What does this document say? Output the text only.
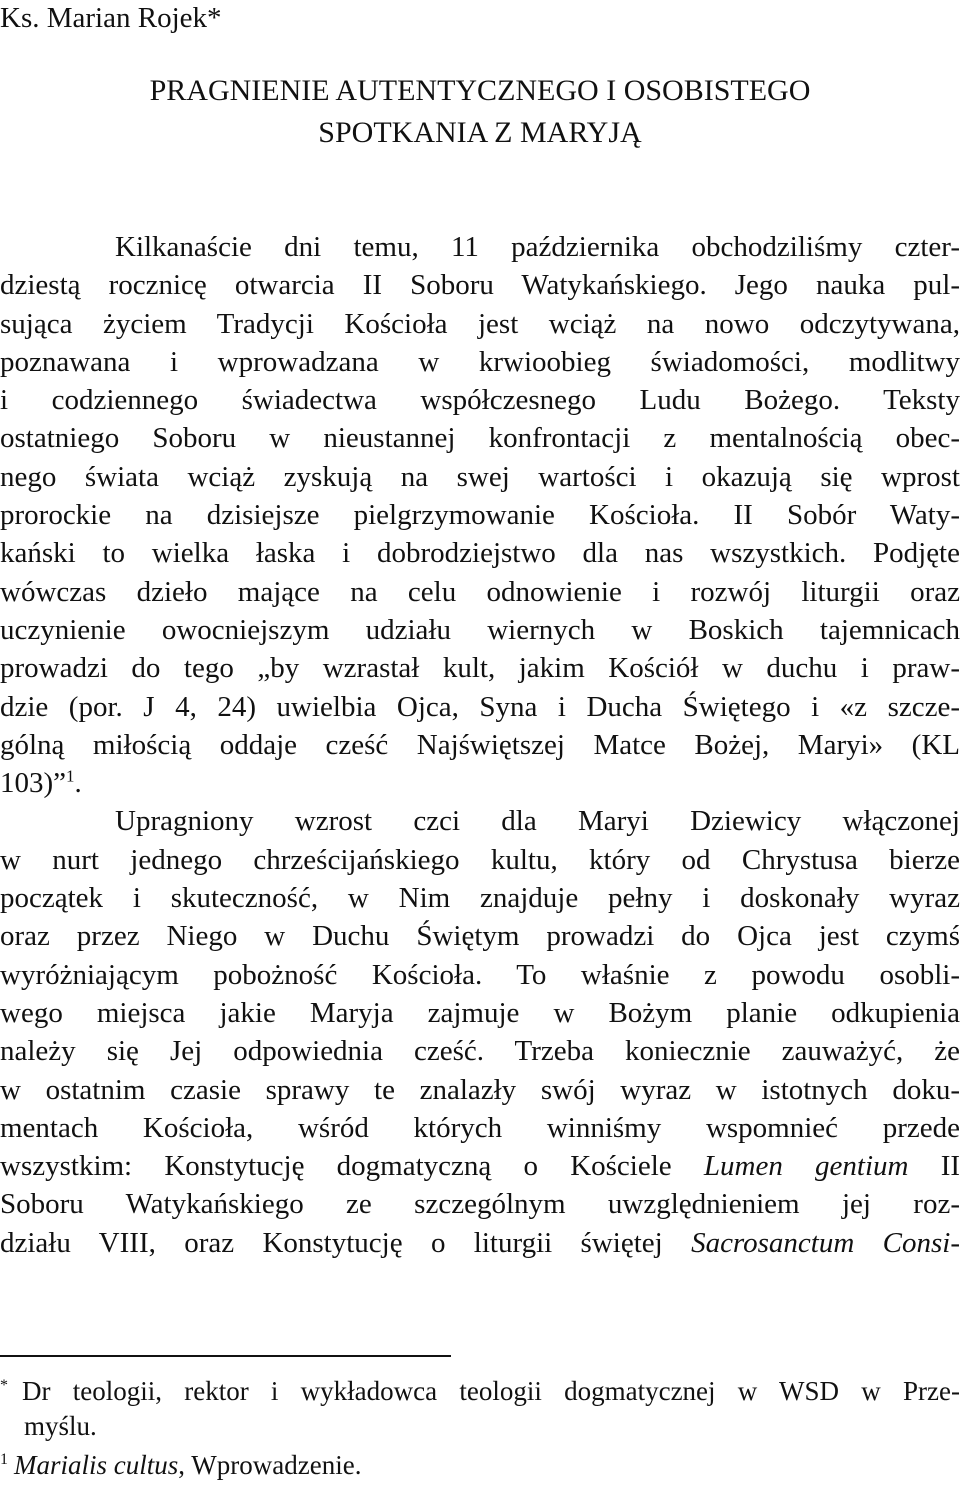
Ks. Marian Rojek*
PRAGNIENIE AUTENTYCZNEGO I OSOBISTEGO
SPOTKANIA Z MARYJĄ
Kilkanaście dni temu, 11 października obchodziliśmy czter-
dziestą rocznicę otwarcia II Soboru Watykańskiego. Jego nauka pul-
sująca życiem Tradycji Kościoła jest wciąż na nowo odczytywana,
poznawana i wprowadzana w krwioobieg świadomości, modlitwy
i codziennego świadectwa współczesnego Ludu Bożego. Teksty
ostatniego Soboru w nieustannej konfrontacji z mentalnością obec-
nego świata wciąż zyskują na swej wartości i okazują się wprost
prorockie na dzisiejsze pielgrzymowanie Kościoła. II Sobór Waty-
kański to wielka łaska i dobrodziejstwo dla nas wszystkich. Podjęte
wówczas dzieło mające na celu odnowienie i rozwój liturgii oraz
uczynienie owocniejszym udziału wiernych w Boskich tajemnicach
prowadzi do tego „by wzrastał kult, jakim Kościół w duchu i praw-
dzie (por. J 4, 24) uwielbia Ojca, Syna i Ducha Świętego i «z szcze-
gólną miłością oddaje cześć Najświętszej Matce Bożej, Maryi» (KL
103)”$^1$.
Upragniony wzrost czci dla Maryi Dziewicy włączonej
w nurt jednego chrześcijańskiego kultu, który od Chrystusa bierze
początek i skuteczność, w Nim znajduje pełny i doskonały wyraz
oraz przez Niego w Duchu Świętym prowadzi do Ojca jest czymś
wyróżniającym pobożność Kościoła. To właśnie z powodu osobli-
wego miejsca jakie Maryja zajmuje w Bożym planie odkupienia
należy się Jej odpowiednia cześć. Trzeba koniecznie zauważyć, że
w ostatnim czasie sprawy te znalazły swój wyraz w istotnych doku-
mentach Kościoła, wśród których winniśmy wspomnieć przede
wszystkim: Konstytucję dogmatyczną o Kościele Lumen gentium II
Soboru Watykańskiego ze szczególnym uwzględnieniem jej roz-
działu VIII, oraz Konstytucję o liturgii świętej Sacrosanctum Consi-
* Dr teologii, rektor i wykładowca teologii dogmatycznej w WSD w Prze-
myślu.
$^1$ Marialis cultus, Wprowadzenie.
